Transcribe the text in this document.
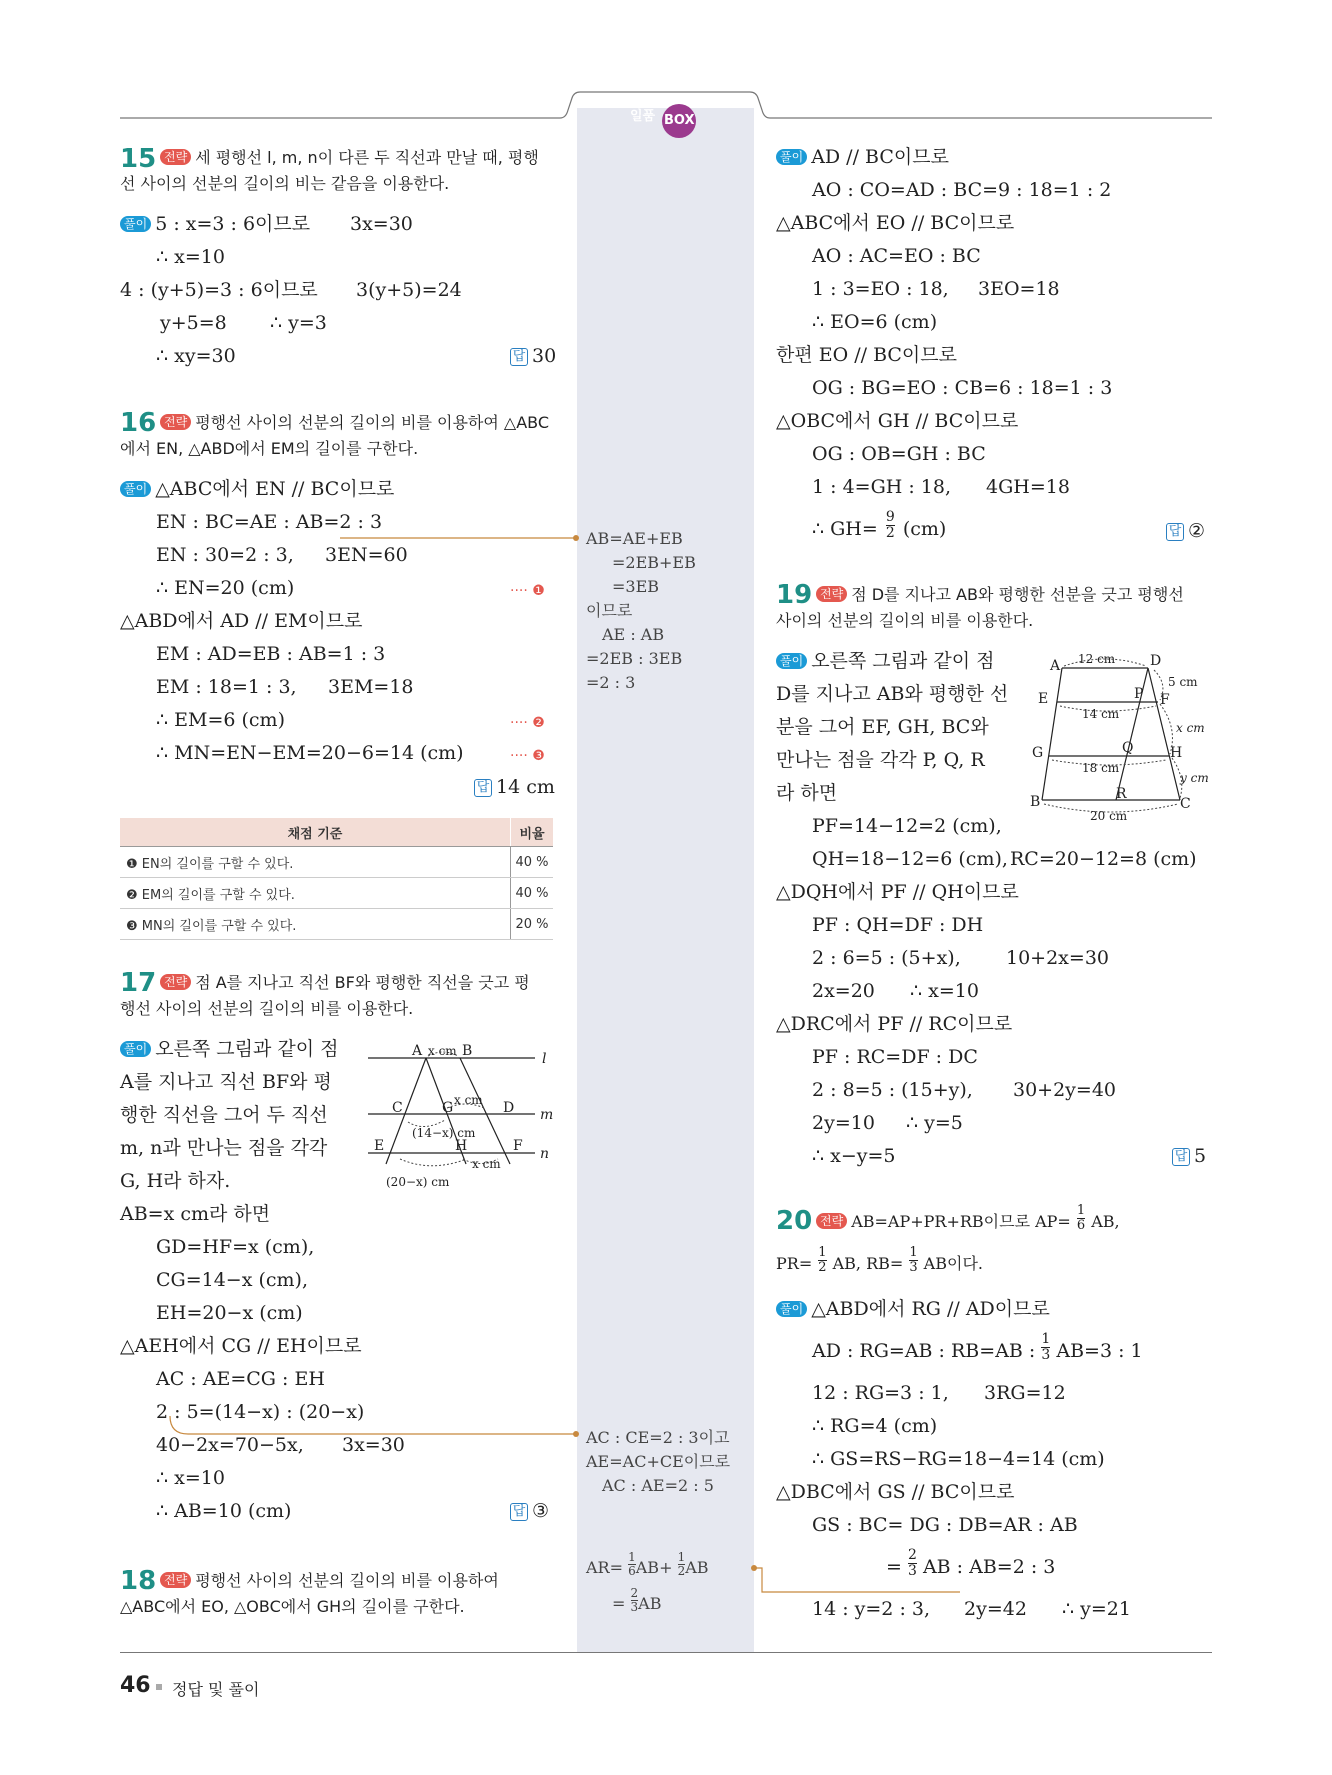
$^{일품}$ BOX
15 전략 세 평행선 l, m, n이 다른 두 직선과 만날 때, 평행
선 사이의 선분의 길이의 비는 같음을 이용한다.
풀이 5 : x=3 : 6이므로 3x=30
∴ x=10
4 : (y+5)=3 : 6이므로 3(y+5)=24
y+5=8 ∴ y=3
∴ xy=30	답 30
16 전략 평행선 사이의 선분의 길이의 비를 이용하여 △ABC
에서 EN, △ABD에서 EM의 길이를 구한다.
풀이 △ABC에서 EN // BC이므로
EN : BC=AE : AB=2 : 3
EN : 30=2 : 3, 3EN=60
∴ EN=20 (cm)	···· ❶
△ABD에서 AD // EM이므로
EM : AD=EB : AB=1 : 3
EM : 18=1 : 3, 3EM=18
∴ EM=6 (cm)	···· ❷
∴ MN=EN−EM=20−6=14 (cm)	···· ❸
답 14 cm
채점 기준	비율
❶ EN의 길이를 구할 수 있다.	40 %
❷ EM의 길이를 구할 수 있다.	40 %
❸ MN의 길이를 구할 수 있다.	20 %
17 전략 점 A를 지나고 직선 BF와 평행한 직선을 긋고 평
행선 사이의 선분의 길이의 비를 이용한다.
풀이 오른쪽 그림과 같이 점
A를 지나고 직선 BF와 평
행한 직선을 그어 두 직선
m, n과 만나는 점을 각각
G, H라 하자.
AB=x cm라 하면
GD=HF=x (cm),
CG=14−x (cm),
EH=20−x (cm)
△AEH에서 CG // EH이므로
AC : AE=CG : EH
2 : 5=(14−x) : (20−x)
40−2x=70−5x, 3x=30
∴ x=10
∴ AB=10 (cm)	답 ③
A	B
C	G	D
E	H	F
l
m
n
x cm
x cm
(14−x) cm
x cm
(20−x) cm
18 전략 평행선 사이의 선분의 길이의 비를 이용하여
△ABC에서 EO, △OBC에서 GH의 길이를 구한다.
풀이 AD // BC이므로
AO : CO=AD : BC=9 : 18=1 : 2
△ABC에서 EO // BC이므로
AO : AC=EO : BC
1 : 3=EO : 18, 3EO=18
∴ EO=6 (cm)
한편 EO // BC이므로
OG : BG=EO : CB=6 : 18=1 : 3
△OBC에서 GH // BC이므로
OG : OB=GH : BC
1 : 4=GH : 18, 4GH=18
∴ $GH= \frac{9}{2} (cm)$	답 ②
19 전략 점 D를 지나고 AB와 평행한 선분을 긋고 평행선
사이의 선분의 길이의 비를 이용한다.
풀이 오른쪽 그림과 같이 점
D를 지나고 AB와 평행한 선
분을 그어 EF, GH, BC와
만나는 점을 각각 P, Q, R
라 하면
PF=14−12=2 (cm),
QH=18−12=6 (cm), RC=20−12=8 (cm)
△DQH에서 PF // QH이므로
PF : QH=DF : DH
2 : 6=5 : (5+x), 10+2x=30
2x=20 ∴ x=10
△DRC에서 PF // RC이므로
PF : RC=DF : DC
2 : 8=5 : (15+y), 30+2y=40
2y=10 ∴ y=5
∴ x−y=5	답 5
A	D
E	P F
G	Q	H
B	R
C
12 cm
14 cm
18 cm
20 cm
5 cm
x cm
y cm
20 전략 AB=AP+PR+RB이므로 $AP= \frac{1}{6}$ AB,
$PR= \frac{1}{2}$ AB, $RB= \frac{1}{3}$ AB이다.
풀이 △ABD에서 RG // AD이므로
AD : RG=AB : RB=AB : $\frac{1}{3} AB=3$ : 1
12 : RG=3 : 1, 3RG=12
∴ RG=4 (cm)
∴ GS=RS−RG=18−4=14 (cm)
△DBC에서 GS // BC이므로
GS : BC= DG : DB=AR : AB
= $\frac{2}{3}$ AB : AB=2 : 3
14 : y=2 : 3, 2y=42 ∴ y=21
AB=AE+EB
=2EB+EB
=3EB
이므로
AE : AB
=2EB : 3EB
=2 : 3
AC : CE=2 : 3이고
AE=AC+CE이므로
AC : AE=2 : 5
$AR= \frac{1}{6} AB+ \frac{1}{2}$ AB
= $\frac{2}{3}$ AB
46 정답 및 풀이
